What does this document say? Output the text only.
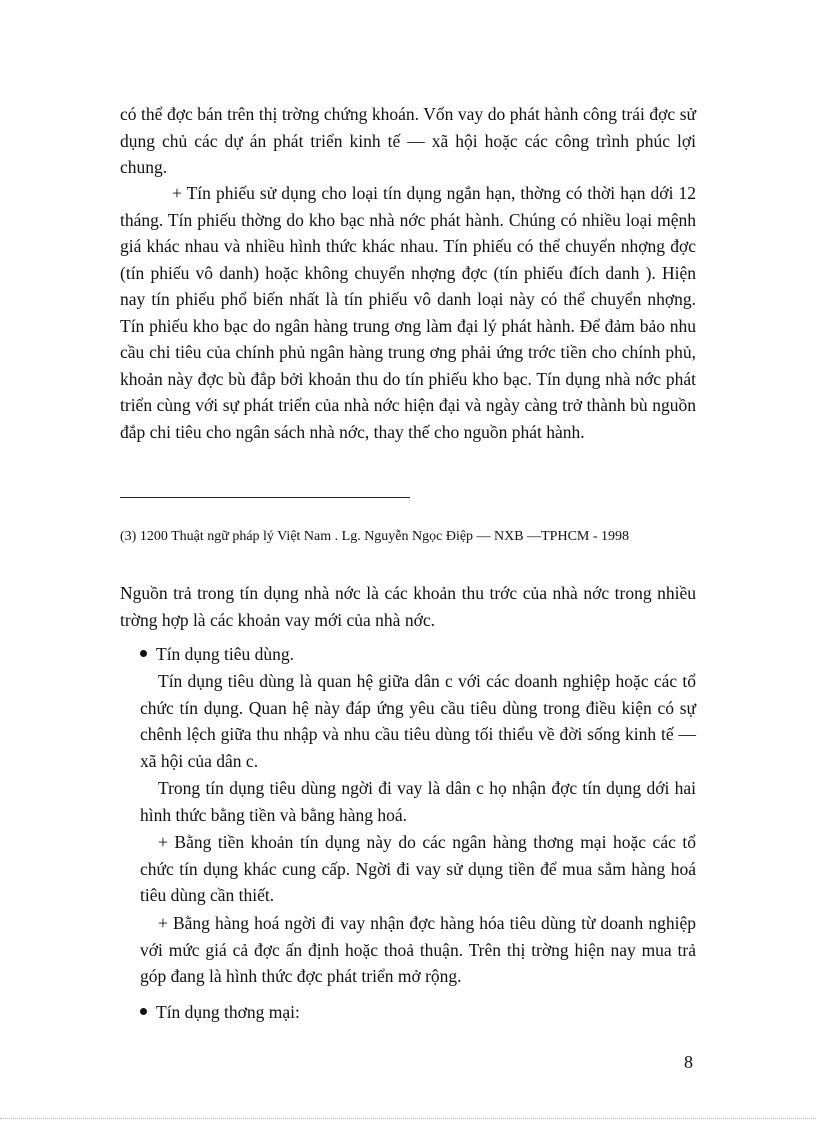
có thể đợc bán trên thị trờng chứng khoán. Vốn vay do phát hành công trái đợc sử dụng chủ các dự án phát triển kinh tế — xã hội hoặc các công trình phúc lợi chung.

+ Tín phiếu sử dụng cho loại tín dụng ngắn hạn, thờng có thời hạn dới 12 tháng. Tín phiếu thờng do kho bạc nhà nớc phát hành. Chúng có nhiều loại mệnh giá khác nhau và nhiều hình thức khác nhau. Tín phiếu có thể chuyển nhợng đợc (tín phiếu vô danh) hoặc không chuyển nhợng đợc (tín phiếu đích danh ). Hiện nay tín phiếu phổ biến nhất là tín phiếu vô danh loại này có thể chuyển nhợng. Tín phiếu kho bạc do ngân hàng trung ơng làm đại lý phát hành. Để đảm bảo nhu cầu chi tiêu của chính phủ ngân hàng trung ơng phải ứng trớc tiền cho chính phủ, khoản này đợc bù đắp bởi khoản thu do tín phiếu kho bạc. Tín dụng nhà nớc phát triển cùng với sự phát triển của nhà nớc hiện đại và ngày càng trở thành bù nguồn đắp chi tiêu cho ngân sách nhà nớc, thay thế cho nguồn phát hành.

(3) 1200 Thuật ngữ pháp lý Việt Nam . Lg. Nguyễn Ngọc Điệp — NXB —TPHCM - 1998

Nguồn trả trong tín dụng nhà nớc là các khoản thu trớc của nhà nớc trong nhiều trờng hợp là các khoản vay mới của nhà nớc.

Tín dụng tiêu dùng.

Tín dụng tiêu dùng là quan hệ giữa dân c với các doanh nghiệp hoặc các tổ chức tín dụng. Quan hệ này đáp ứng yêu cầu tiêu dùng trong điều kiện có sự chênh lệch giữa thu nhập và nhu cầu tiêu dùng tối thiểu về đời sống kinh tế — xã hội của dân c.

Trong tín dụng tiêu dùng ngời đi vay là dân c họ nhận đợc tín dụng dới hai hình thức bằng tiền và bằng hàng hoá.

+ Bằng tiền khoản tín dụng này do các ngân hàng thơng mại hoặc các tổ chức tín dụng khác cung cấp. Ngời đi vay sử dụng tiền để mua sắm hàng hoá tiêu dùng cần thiết.

+ Bằng hàng hoá ngời đi vay nhận đợc hàng hóa tiêu dùng từ doanh nghiệp với mức giá cả đợc ấn định hoặc thoả thuận. Trên thị trờng hiện nay mua trả góp đang là hình thức đợc phát triển mở rộng.

Tín dụng thơng mại:

8
